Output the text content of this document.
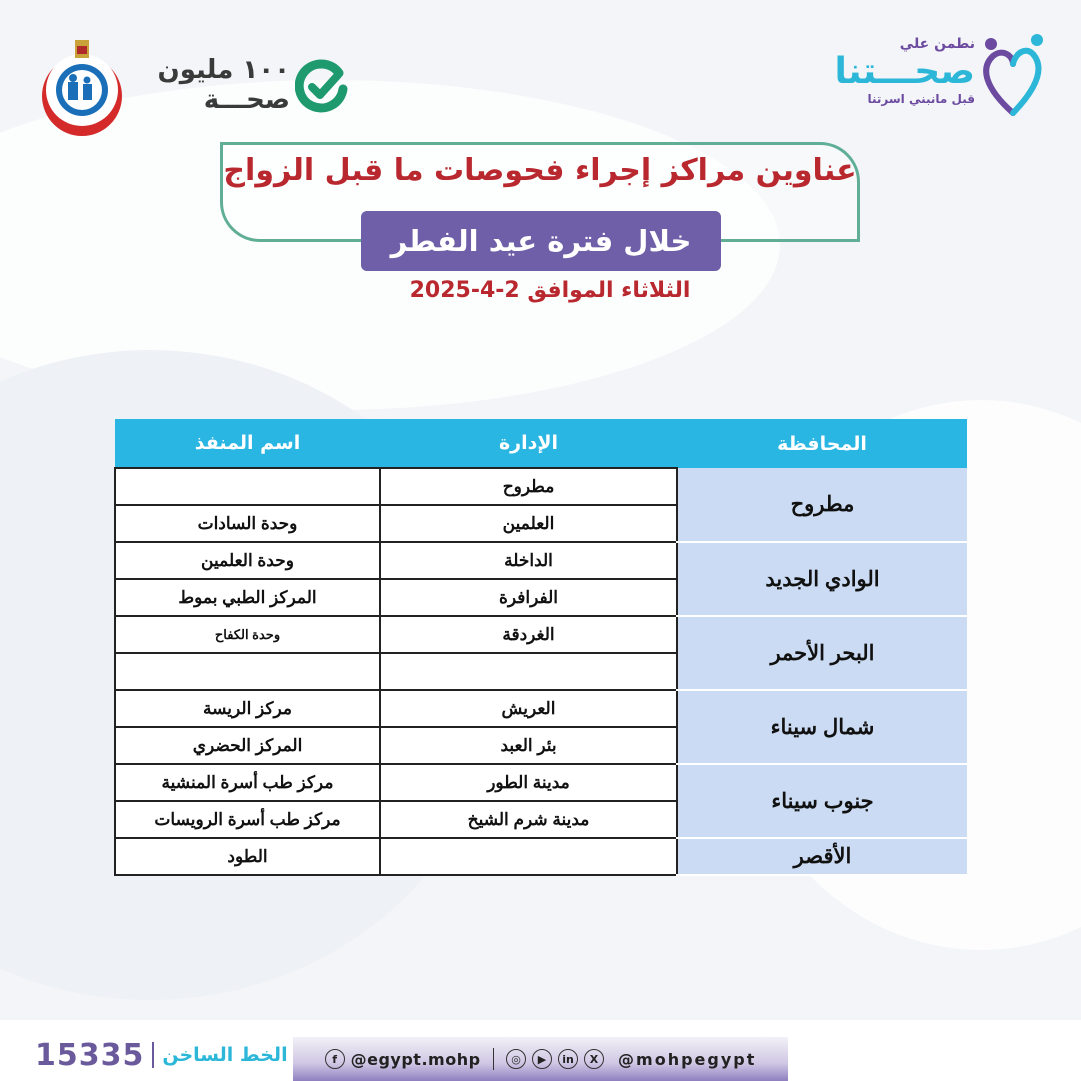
١٠٠ مليون
صحـــة
نطمن علي
صحـــتنا
قبل مانبني اسرتنا
عناوين مراكز إجراء فحوصات ما قبل الزواج
خلال فترة عيد الفطر
الثلاثاء الموافق 2-4-2025
المحافظة	الإدارة	اسم المنفذ
مطروح	مطروح	
	العلمين	وحدة السادات
الوادي الجديد	الداخلة	وحدة العلمين
	الفرافرة	المركز الطبي بموط
البحر الأحمر	الغردقة	وحدة الكفاح

شمال سيناء	العريش	مركز الريسة
	بئر العبد	المركز الحضري
جنوب سيناء	مدينة الطور	مركز طب أسرة المنشية
	مدينة شرم الشيخ	مركز طب أسرة الرويسات
الأقصر		الطود
15335 الخط الساخن	f @egypt.mohp	◎	▶	in	X	@mohpegypt
